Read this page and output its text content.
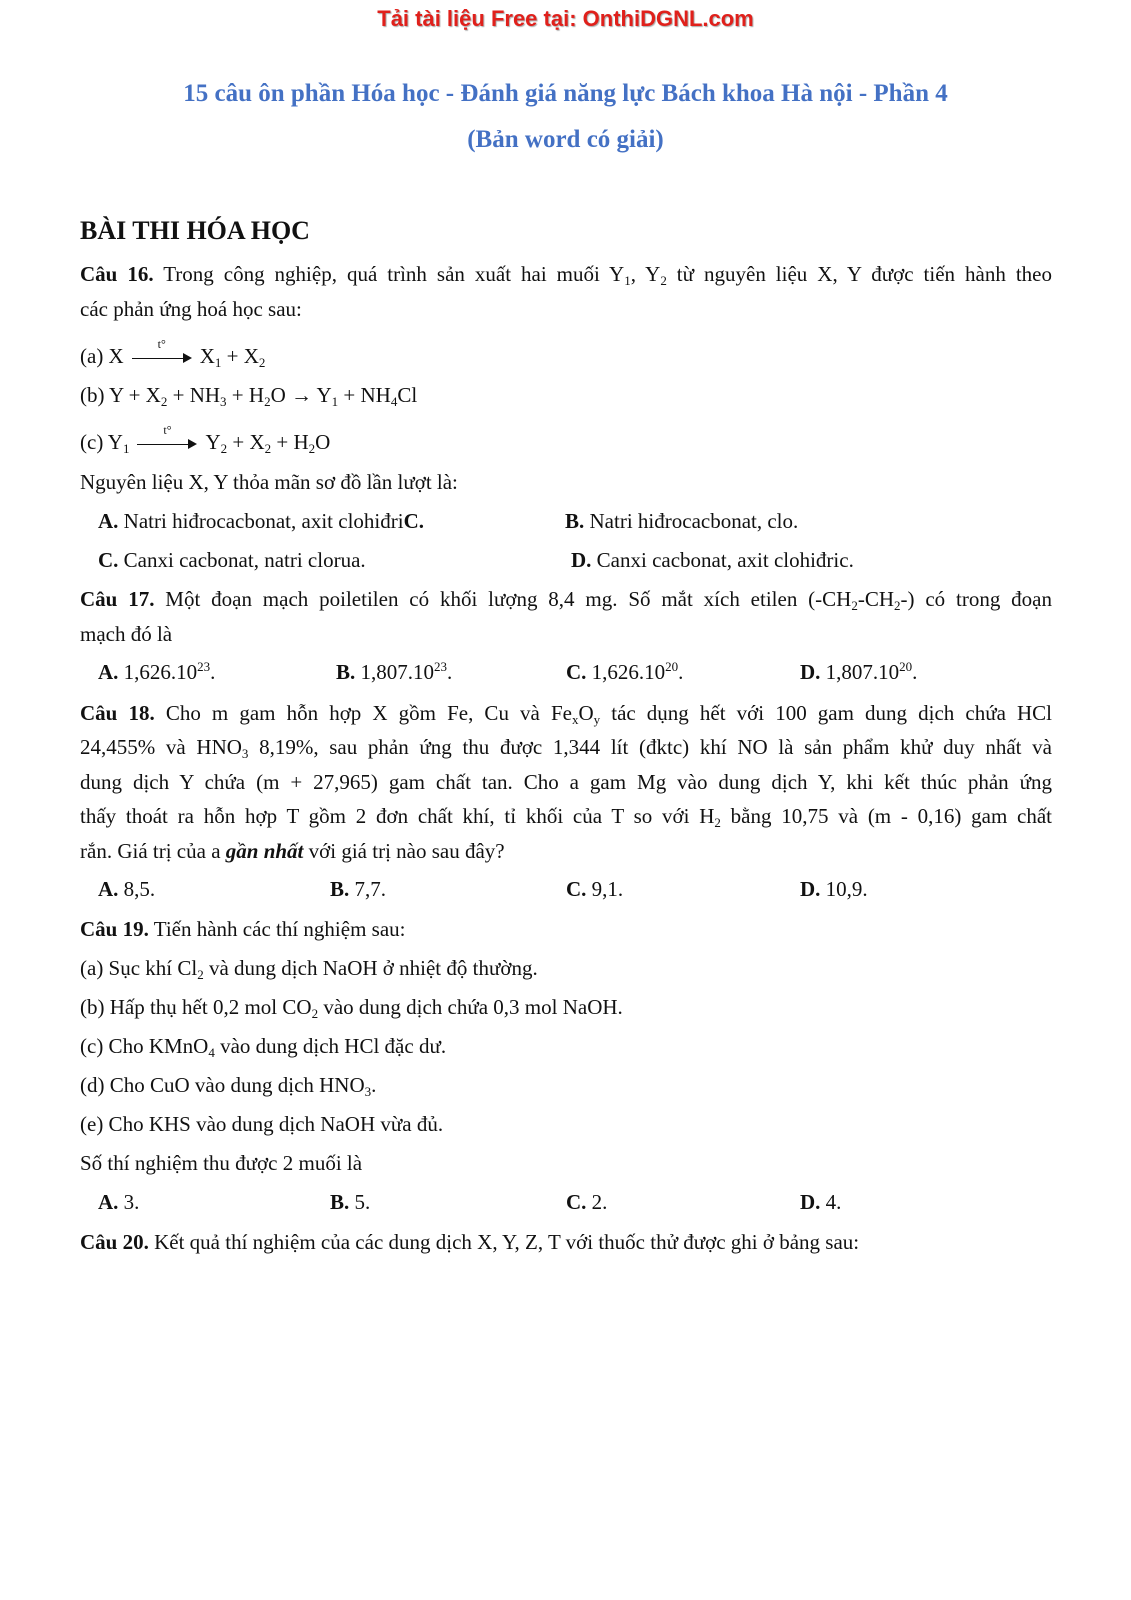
Tải tài liệu Free tại: OnthiDGNL.com
15 câu ôn phần Hóa học - Đánh giá năng lực Bách khoa Hà nội - Phần 4
(Bản word có giải)
BÀI THI HÓA HỌC
Câu 16. Trong công nghiệp, quá trình sản xuất hai muối $Y_1$, $Y_2$ từ nguyên liệu X, Y được tiến hành theo
các phản ứng hoá học sau:
(a) X	t°	$X_1 + X_2$
(b) $Y + X_2 + NH_3 + H_2O \to Y_1 + NH_4Cl$
(c) $Y_1$
t°	$Y_2 + X_2 + H_2O$
Nguyên liệu X, Y thỏa mãn sơ đồ lần lượt là:
A. Natri hiđrocacbonat, axit clohiđriC.	B. Natri hiđrocacbonat, clo.
C. Canxi cacbonat, natri clorua.	D. Canxi cacbonat, axit clohiđric.
Câu 17. Một đoạn mạch poiletilen có khối lượng 8,4 mg. Số mắt xích etilen $(-CH_2-CH_2-)$ có trong đoạn
mạch đó là
A. 1,626.10$^{23}$.	B. 1,807.10$^{23}$.	C. 1,626.10$^{20}$.	D. 1,807.10$^{20}$.
Câu 18. Cho m gam hỗn hợp X gồm Fe, Cu và $Fe_xO_y$ tác dụng hết với 100 gam dung dịch chứa HCl
24,455% và $HNO_3$ 8,19%, sau phản ứng thu được 1,344 lít (đktc) khí NO là sản phẩm khử duy nhất và
dung dịch Y chứa (m + 27,965) gam chất tan. Cho a gam Mg vào dung dịch Y, khi kết thúc phản ứng
thấy thoát ra hỗn hợp T gồm 2 đơn chất khí, tỉ khối của T so với $H_2$ bằng 10,75 và (m - 0,16) gam chất
rắn. Giá trị của a gần nhất với giá trị nào sau đây?
A. 8,5.	B. 7,7.	C. 9,1.	D. 10,9.
Câu 19. Tiến hành các thí nghiệm sau:
(a) Sục khí $Cl_2$ và dung dịch NaOH ở nhiệt độ thường.
(b) Hấp thụ hết 0,2 mol $CO_2$ vào dung dịch chứa 0,3 mol NaOH.
(c) Cho KMnO$_4$ vào dung dịch HCl đặc dư.
(d) Cho CuO vào dung dịch $HNO_3$.
(e) Cho KHS vào dung dịch NaOH vừa đủ.
Số thí nghiệm thu được 2 muối là
A. 3.	B. 5.	C. 2.	D. 4.
Câu 20. Kết quả thí nghiệm của các dung dịch X, Y, Z, T với thuốc thử được ghi ở bảng sau:
